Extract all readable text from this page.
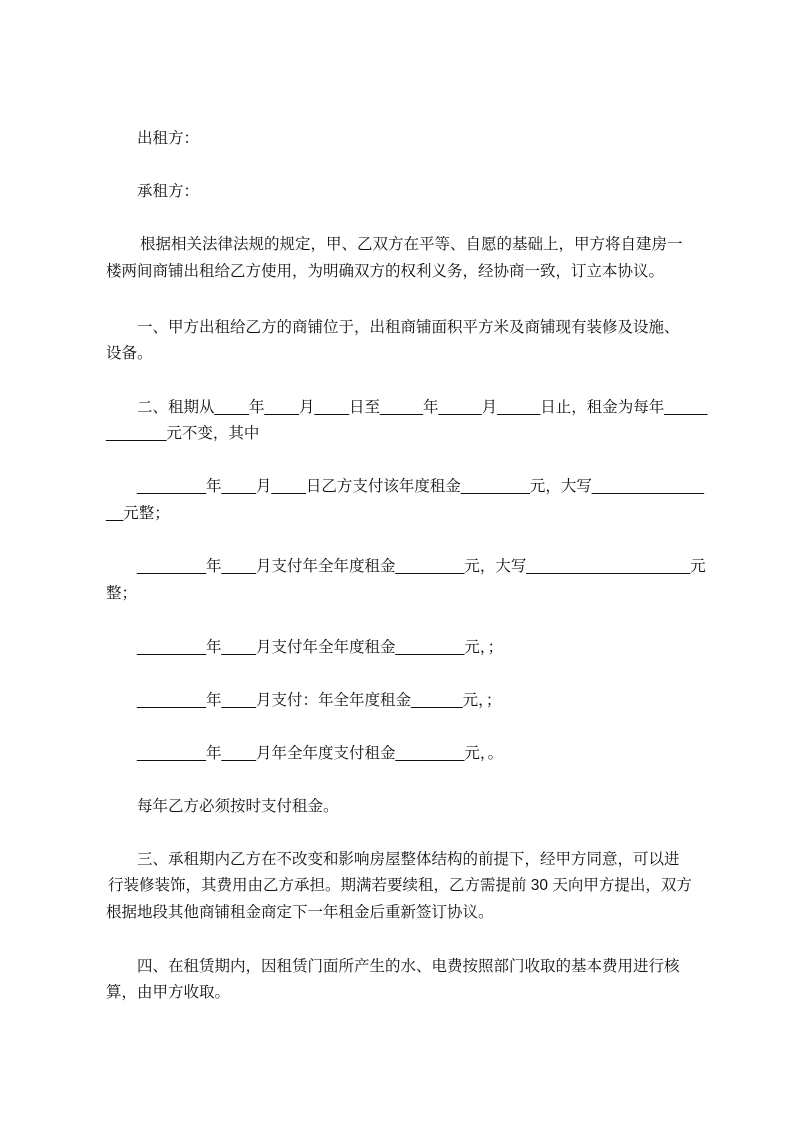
出租方：
承租方：
根据相关法律法规的规定，甲、乙双方在平等、自愿的基础上，甲方将自建房一
楼两间商铺出租给乙方使用，为明确双方的权利义务，经协商一致，订立本协议。
一、甲方出租给乙方的商铺位于，出租商铺面积平方米及商铺现有装修及设施、
设备。
二、租期从____年____月____日至_____年_____月_____日止，租金为每年_____
_______元不变，其中
________年____月____日乙方支付该年度租金________元，大写_____________
__元整；
________年____月支付年全年度租金________元，大写___________________元
整；
________年____月支付年全年度租金________元，；
________年____月支付：年全年度租金______元，；
________年____月年全年度支付租金________元，。
每年乙方必须按时支付租金。
三、承租期内乙方在不改变和影响房屋整体结构的前提下，经甲方同意，可以进
行装修装饰，其费用由乙方承担。期满若要续租，乙方需提前 30 天向甲方提出，双方
根据地段其他商铺租金商定下一年租金后重新签订协议。
四、在租赁期内，因租赁门面所产生的水、电费按照部门收取的基本费用进行核
算，由甲方收取。
